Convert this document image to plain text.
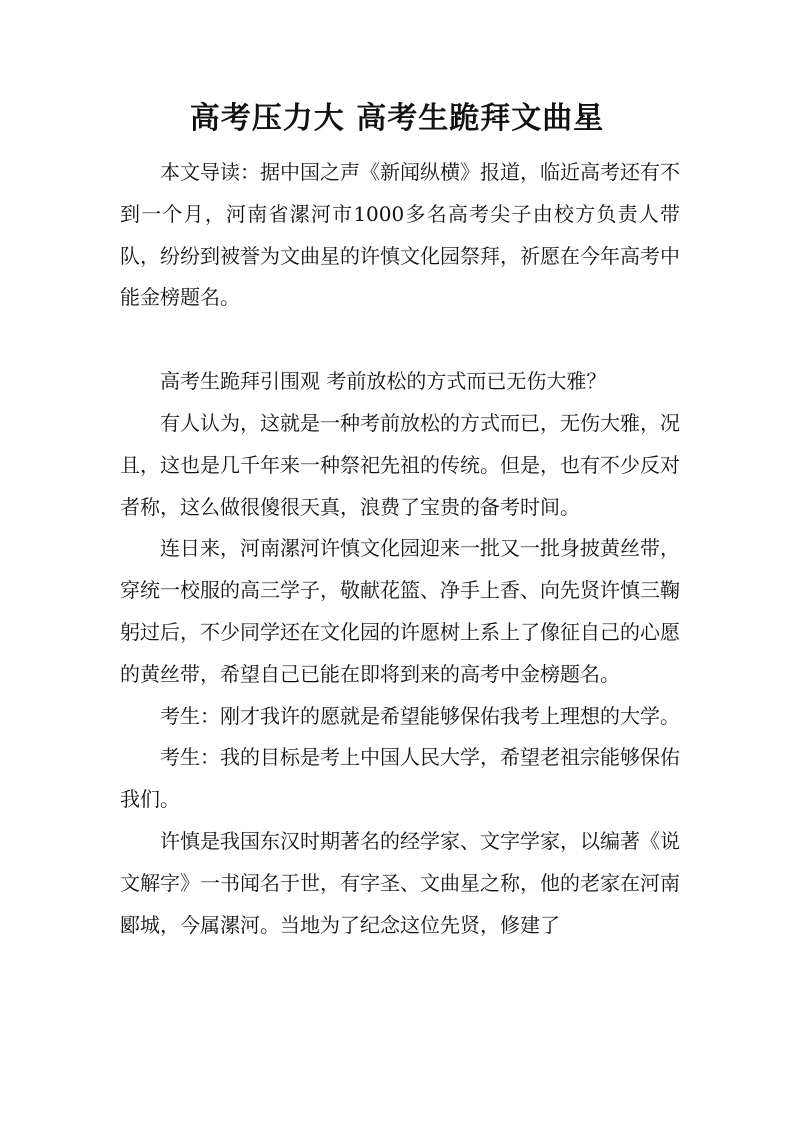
高考压力大 高考生跪拜文曲星

本文导读：据中国之声《新闻纵横》报道，临近高考还有不到一个月，河南省漯河市1000多名高考尖子由校方负责人带队，纷纷到被誉为文曲星的许慎文化园祭拜，祈愿在今年高考中能金榜题名。

高考生跪拜引围观 考前放松的方式而已无伤大雅？

有人认为，这就是一种考前放松的方式而已，无伤大雅，况且，这也是几千年来一种祭祀先祖的传统。但是，也有不少反对者称，这么做很傻很天真，浪费了宝贵的备考时间。

连日来，河南漯河许慎文化园迎来一批又一批身披黄丝带，穿统一校服的高三学子，敬献花篮、净手上香、向先贤许慎三鞠躬过后，不少同学还在文化园的许愿树上系上了像征自己的心愿的黄丝带，希望自己已能在即将到来的高考中金榜题名。

考生：刚才我许的愿就是希望能够保佑我考上理想的大学。

考生：我的目标是考上中国人民大学，希望老祖宗能够保佑我们。

许慎是我国东汉时期著名的经学家、文字学家，以编著《说文解字》一书闻名于世，有字圣、文曲星之称，他的老家在河南郾城，今属漯河。当地为了纪念这位先贤，修建了
